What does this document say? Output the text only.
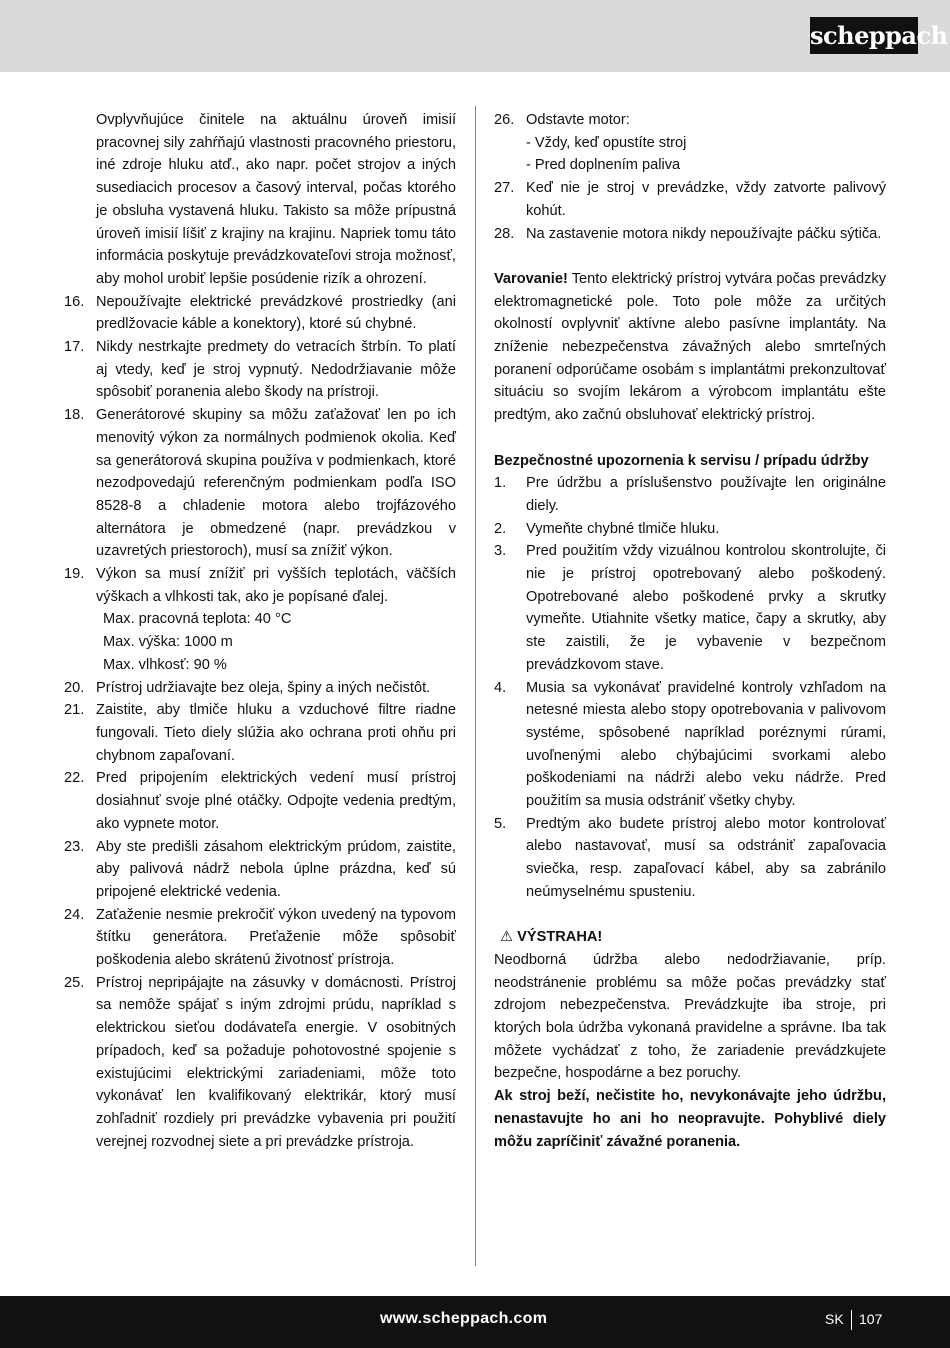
scheppach
Ovplyvňujúce činitele na aktuálnu úroveň imisií pracovnej sily zahŕňajú vlastnosti pracovného priestoru, iné zdroje hluku atď., ako napr. počet strojov a iných susediacich procesov a časový interval, počas ktorého je obsluha vystavená hluku. Takisto sa môže prípustná úroveň imisií líšiť z krajiny na krajinu. Napriek tomu táto informácia poskytuje prevádzkovateľovi stroja možnosť, aby mohol urobiť lepšie posúdenie rizík a ohrození.
16. Nepoužívajte elektrické prevádzkové prostriedky (ani predlžovacie káble a konektory), ktoré sú chybné.
17. Nikdy nestrkajte predmety do vetracích štrbín. To platí aj vtedy, keď je stroj vypnutý. Nedodržiavanie môže spôsobiť poranenia alebo škody na prístroji.
18. Generátorové skupiny sa môžu zaťažovať len po ich menovitý výkon za normálnych podmienok okolia. Keď sa generátorová skupina používa v podmienkach, ktoré nezodpovedajú referenčným podmienkam podľa ISO 8528-8 a chladenie motora alebo trojfázového alternátora je obmedzené (napr. prevádzkou v uzavretých priestoroch), musí sa znížiť výkon.
19. Výkon sa musí znížiť pri vyšších teplotách, väčších výškach a vlhkosti tak, ako je popísané ďalej.
Max. pracovná teplota: 40 °C
Max. výška: 1000 m
Max. vlhkosť: 90 %
20. Prístroj udržiavajte bez oleja, špiny a iných nečistôt.
21. Zaistite, aby tlmiče hluku a vzduchové filtre riadne fungovali. Tieto diely slúžia ako ochrana proti ohňu pri chybnom zapaľovaní.
22. Pred pripojením elektrických vedení musí prístroj dosiahnuť svoje plné otáčky. Odpojte vedenia predtým, ako vypnete motor.
23. Aby ste predišli zásahom elektrickým prúdom, zaistite, aby palivová nádrž nebola úplne prázdna, keď sú pripojené elektrické vedenia.
24. Zaťaženie nesmie prekročiť výkon uvedený na typovom štítku generátora. Preťaženie môže spôsobiť poškodenia alebo skrátenú životnosť prístroja.
25. Prístroj nepripájajte na zásuvky v domácnosti. Prístroj sa nemôže spájať s iným zdrojmi prúdu, napríklad s elektrickou sieťou dodávateľa energie. V osobitných prípadoch, keď sa požaduje pohotovostné spojenie s existujúcimi elektrickými zariadeniami, môže toto vykonávať len kvalifikovaný elektrikár, ktorý musí zohľadniť rozdiely pri prevádzke vybavenia pri použití verejnej rozvodnej siete a pri prevádzke prístroja.
26. Odstavte motor:
- Vždy, keď opustíte stroj
- Pred doplnením paliva
27. Keď nie je stroj v prevádzke, vždy zatvorte palivový kohút.
28. Na zastavenie motora nikdy nepoužívajte páčku sýtiča.
Varovanie! Tento elektrický prístroj vytvára počas prevádzky elektromagnetické pole. Toto pole môže za určitých okolností ovplyvniť aktívne alebo pasívne implantáty. Na zníženie nebezpečenstva závažných alebo smrteľných poranení odporúčame osobám s implantátmi prekonzultovať situáciu so svojím lekárom a výrobcom implantátu ešte predtým, ako začnú obsluhovať elektrický prístroj.
Bezpečnostné upozornenia k servisu / prípadu údržby
1.	Pre údržbu a príslušenstvo používajte len originálne diely.
2.	Vymeňte chybné tlmiče hluku.
3.	Pred použitím vždy vizuálnou kontrolou skontrolujte, či nie je prístroj opotrebovaný alebo poškodený. Opotrebované alebo poškodené prvky a skrutky vymeňte. Utiahnite všetky matice, čapy a skrutky, aby ste zaistili, že je vybavenie v bezpečnom prevádzkovom stave.
4.	Musia sa vykonávať pravidelné kontroly vzhľadom na netesné miesta alebo stopy opotrebovania v palivovom systéme, spôsobené napríklad poréznymi rúrami, uvoľnenými alebo chýbajúcimi svorkami alebo poškodeniami na nádrži alebo veku nádrže. Pred použitím sa musia odstrániť všetky chyby.
5.	Predtým ako budete prístroj alebo motor kontrolovať alebo nastavovať, musí sa odstrániť zapaľovacia sviečka, resp. zapaľovací kábel, aby sa zabránilo neúmyselnému spusteniu.
⚠ VÝSTRAHA!
Neodborná údržba alebo nedodržiavanie, príp. neodstránenie problému sa môže počas prevádzky stať zdrojom nebezpečenstva. Prevádzkujte iba stroje, pri ktorých bola údržba vykonaná pravidelne a správne. Iba tak môžete vychádzať z toho, že zariadenie prevádzkujete bezpečne, hospodárne a bez poruchy.
Ak stroj beží, nečistite ho, nevykonávajte jeho údržbu, nenastavujte ho ani ho neopravujte. Pohyblivé diely môžu zapríčiniť závažné poranenia.
www.scheppach.com	SK 107
